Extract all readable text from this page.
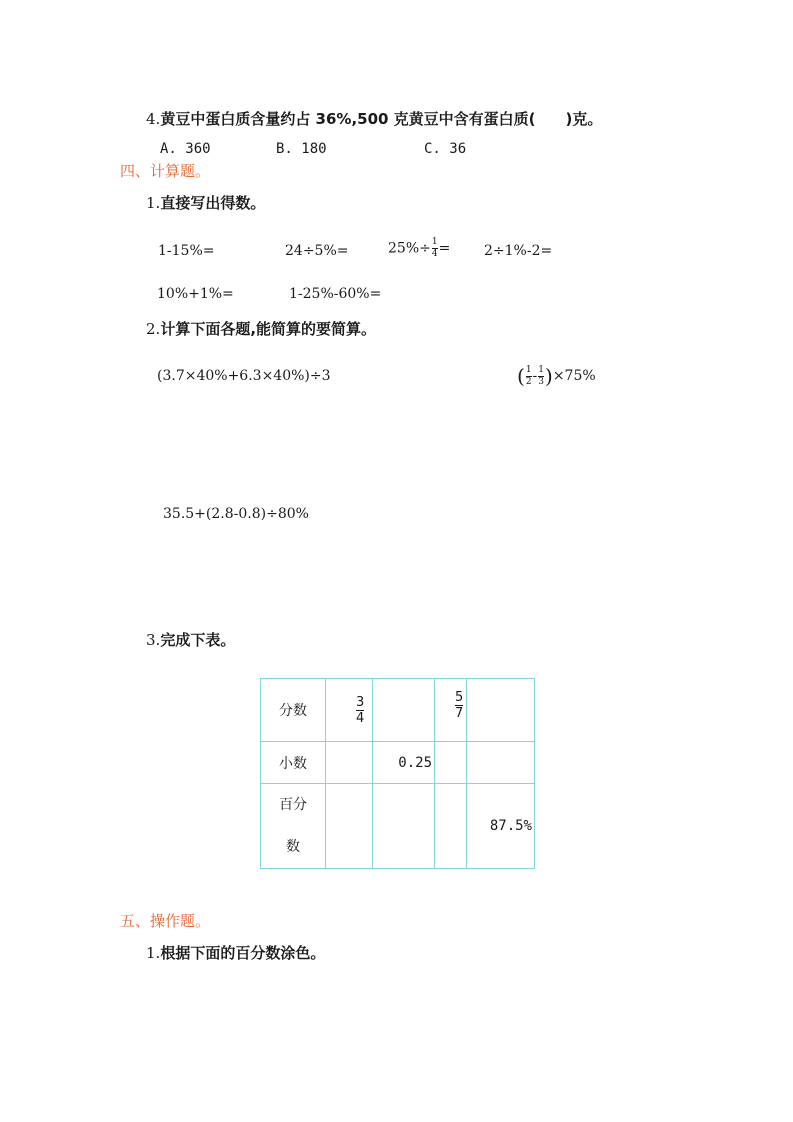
4.黄豆中蛋白质含量约占 36%,500 克黄豆中含有蛋白质(　　 )克。
A. 360	B. 180	C. 36
四、计算题。
1.直接写出得数。
1-15%=	24÷5%=	$25\%\div \frac{1}{4} = 2\div 1\%-2=$
10%+1%=	1-25%-60%=
2.计算下面各题,能简算的要简算。
(3.7×40%+6.3×40%)÷3	( $\frac{1}{2} - \frac{1}{3} )\times 75\%$
35.5+(2.8-0.8)÷80%
3.完成下表。
分数	$\frac{3}{4}$		$\frac{5}{7}$

小数		0.25		

百分
数				87.5%
五、操作题。
1.根据下面的百分数涂色。
